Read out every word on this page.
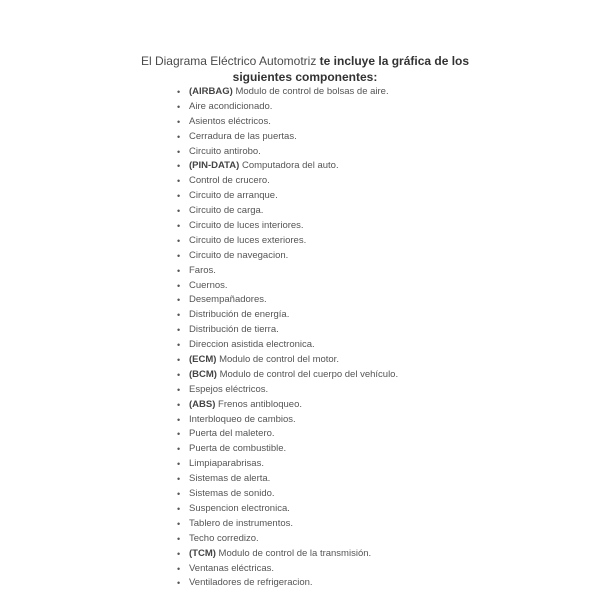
El Diagrama Eléctrico Automotriz te incluye la gráfica de los siguientes componentes:

• (AIRBAG) Modulo de control de bolsas de aire.
• Aire acondicionado.
• Asientos eléctricos.
• Cerradura de las puertas.
• Circuito antirobo.
• (PIN-DATA) Computadora del auto.
• Control de crucero.
• Circuito de arranque.
• Circuito de carga.
• Circuito de luces interiores.
• Circuito de luces exteriores.
• Circuito de navegacion.
• Faros.
• Cuernos.
• Desempañadores.
• Distribución de energía.
• Distribución de tierra.
• Direccion asistida electronica.
• (ECM) Modulo de control del motor.
• (BCM) Modulo de control del cuerpo del vehículo.
• Espejos eléctricos.
• (ABS) Frenos antibloqueo.
• Interbloqueo de cambios.
• Puerta del maletero.
• Puerta de combustible.
• Limpiaparabrisas.
• Sistemas de alerta.
• Sistemas de sonido.
• Suspencion electronica.
• Tablero de instrumentos.
• Techo corredizo.
• (TCM) Modulo de control de la transmisión.
• Ventanas eléctricas.
• Ventiladores de refrigeracion.
